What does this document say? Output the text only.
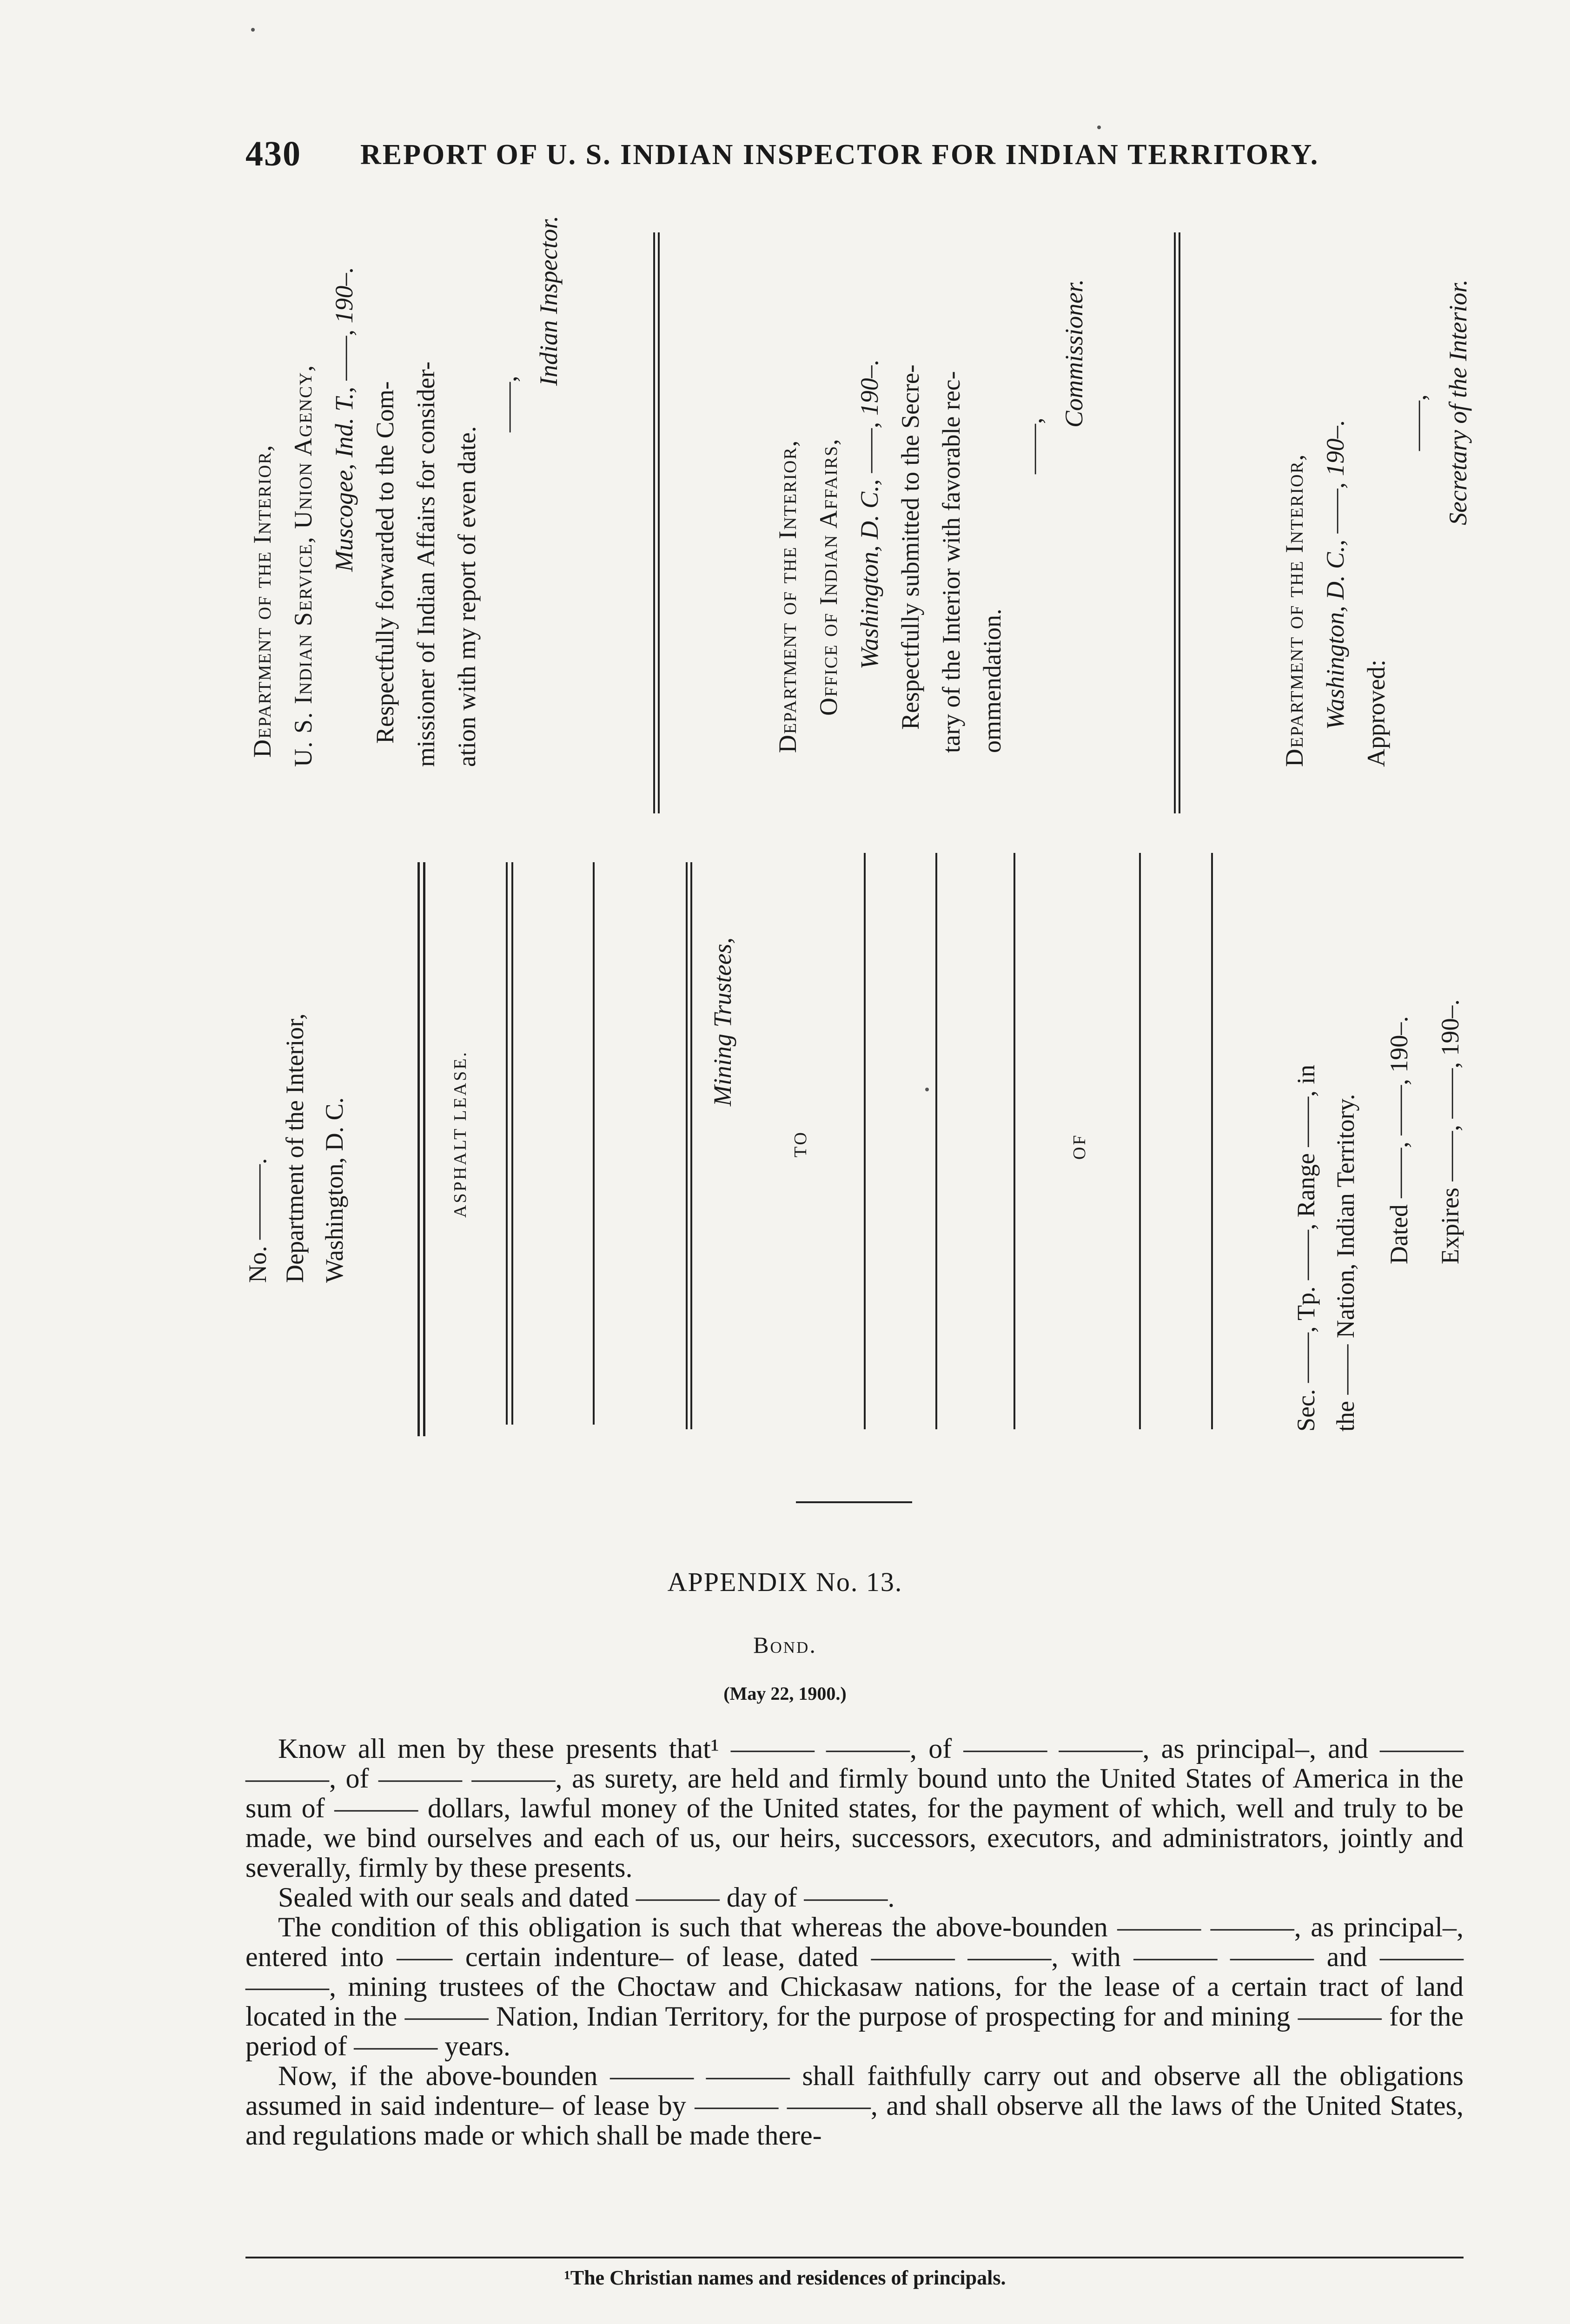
430 REPORT OF U. S. INDIAN INSPECTOR FOR INDIAN TERRITORY.
No. ———. Department of the Interior, Washington, D. C.	ASPHALT LEASE.
Mining Trustees,
TO	OF	Sec. ——, Tp. ——, Range ——, in the —— Nation, Indian Territory. Dated ——, ——, 190–. Expires ——, ——, 190–.
Department of the Interior, U. S. Indian Service, Union Agency, Muscogee, Ind. T., ——, 190–. Respectfully forwarded to the Com- missioner of Indian Affairs for consider- ation with my report of even date.
——,
Indian Inspector.
Department of the Interior, Office of Indian Affairs, Washington, D. C., ——, 190–. Respectfully submitted to the Secre- tary of the Interior with favorable rec- ommendation.
——,
Commissioner.
Department of the Interior, Washington, D. C., ——, 190–. Approved:
——, Secretary of the Interior.
APPENDIX No. 13.
Bond.
(May 22, 1900.)

Know all men by these presents that¹ ——— ———, of ——— ———, as principal–, and ——— ———, of ——— ———, as surety, are held and firmly bound unto the United States of America in the sum of ——— dollars, lawful money of the United states, for the payment of which, well and truly to be made, we bind ourselves and each of us, our heirs, successors, executors, and administrators, jointly and severally, firmly by these presents.

Sealed with our seals and dated ——— day of ———.

The condition of this obligation is such that whereas the above-bounden ——— ———, as principal–, entered into —— certain indenture– of lease, dated ——— ———, with ——— ——— and ——— ———, mining trustees of the Choctaw and Chickasaw nations, for the lease of a certain tract of land located in the ——— Nation, Indian Territory, for the purpose of prospecting for and mining ——— for the period of ——— years.

Now, if the above-bounden ——— ——— shall faithfully carry out and observe all the obligations assumed in said indenture– of lease by ——— ———, and shall observe all the laws of the United States, and regulations made or which shall be made there-

¹The Christian names and residences of principals.
